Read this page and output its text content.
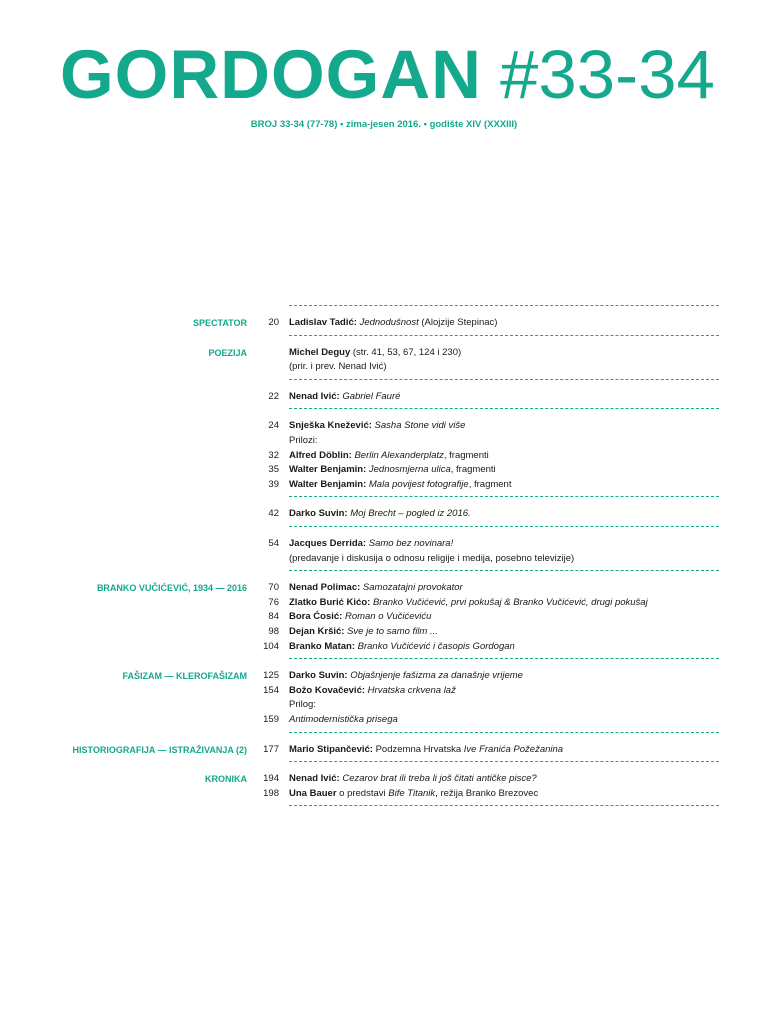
GORDOGAN #33-34
BROJ 33-34 (77-78) • zima-jesen 2016. • godište XIV (XXXIII)
SPECTATOR	20 Ladislav Tadić: Jednodušnost (Alojzije Stepinac)
POEZIJA	Michel Deguy (str. 41, 53, 67, 124 i 230)
(prir. i prev. Nenad Ivić)
22 Nenad Ivić: Gabriel Fauré
24 Snješka Knežević: Sasha Stone vidi više
Prilozi:
32 Alfred Döblin: Berlin Alexanderplatz, fragmenti
35 Walter Benjamin: Jednosmjerna ulica, fragmenti
39 Walter Benjamin: Mala povijest fotografije, fragment
42 Darko Suvin: Moj Brecht – pogled iz 2016.
54 Jacques Derrida: Samo bez novinara!
(predavanje i diskusija o odnosu religije i medija, posebno televizije)
BRANKO VUČIĆEVIĆ, 1934 — 2016	70 Nenad Polimac: Samozatajni provokator
76 Zlatko Burić Kićo: Branko Vučićević, prvi pokušaj & Branko Vučićević, drugi pokušaj
84 Bora Ćosić: Roman o Vučićeviću
98 Dejan Kršić: Sve je to samo film ...
104 Branko Matan: Branko Vučićević i časopis Gordogan
FAŠIZAM — KLEROFAŠIZAM	125 Darko Suvin: Objašnjenje fašizma za današnje vrijeme
154 Božo Kovačević: Hrvatska crkvena laž
Prilog:
159 Antimodernistička prisega
HISTORIOGRAFIJA — ISTRAŽIVANJA (2)	177 Mario Stipančević: Podzemna Hrvatska Ive Franića Požežanina
KRONIKA	194 Nenad Ivić: Cezarov brat ili treba li još čitati antičke pisce?
198 Una Bauer o predstavi Bife Titanik, režija Branko Brezovec
